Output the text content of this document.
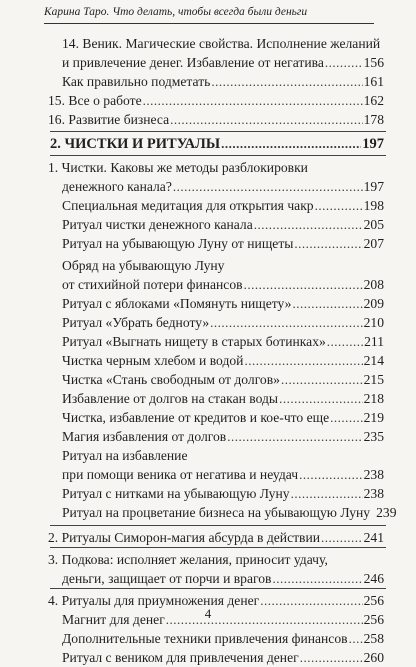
Карина Таро. Что делать, чтобы всегда были деньги
14. Веник. Магические свойства. Исполнение желаний
и привлечение денег. Избавление от негатива .....	156
Как правильно подметать .....	161
15. Все о работе .....	162
16. Развитие бизнеса .....	178
2. ЧИСТКИ И РИТУАЛЫ .....	197
1. Чистки. Каковы же методы разблокировки
денежного канала? .....	197
Специальная медитация для открытия чакр .....	198
Ритуал чистки денежного канала .....	205
Ритуал на убывающую Луну от нищеты .....	207
Обряд на убывающую Луну
от стихийной потери финансов .....	208
Ритуал с яблоками «Помянуть нищету» .....	209
Ритуал «Убрать бедноту» .....	210
Ритуал «Выгнать нищету в старых ботинках» .....	211
Чистка черным хлебом и водой .....	214
Чистка «Стань свободным от долгов» .....	215
Избавление от долгов на стакан воды .....	218
Чистка, избавление от кредитов и кое-что еще .....	219
Магия избавления от долгов .....	235
Ритуал на избавление
при помощи веника от негатива и неудач .....	238
Ритуал с нитками на убывающую Луну .....	238
Ритуал на процветание бизнеса на убывающую Луну 239
2. Ритуалы Симорон-магия абсурда в действии .....	241
3. Подкова: исполняет желания, приносит удачу,
деньги, защищает от порчи и врагов .....	246
4. Ритуалы для приумножения денег .....	256
Магнит для денег .....	256
Дополнительные техники привлечения финансов ..... 258
Ритуал с веником для привлечения денег .....	260
4
